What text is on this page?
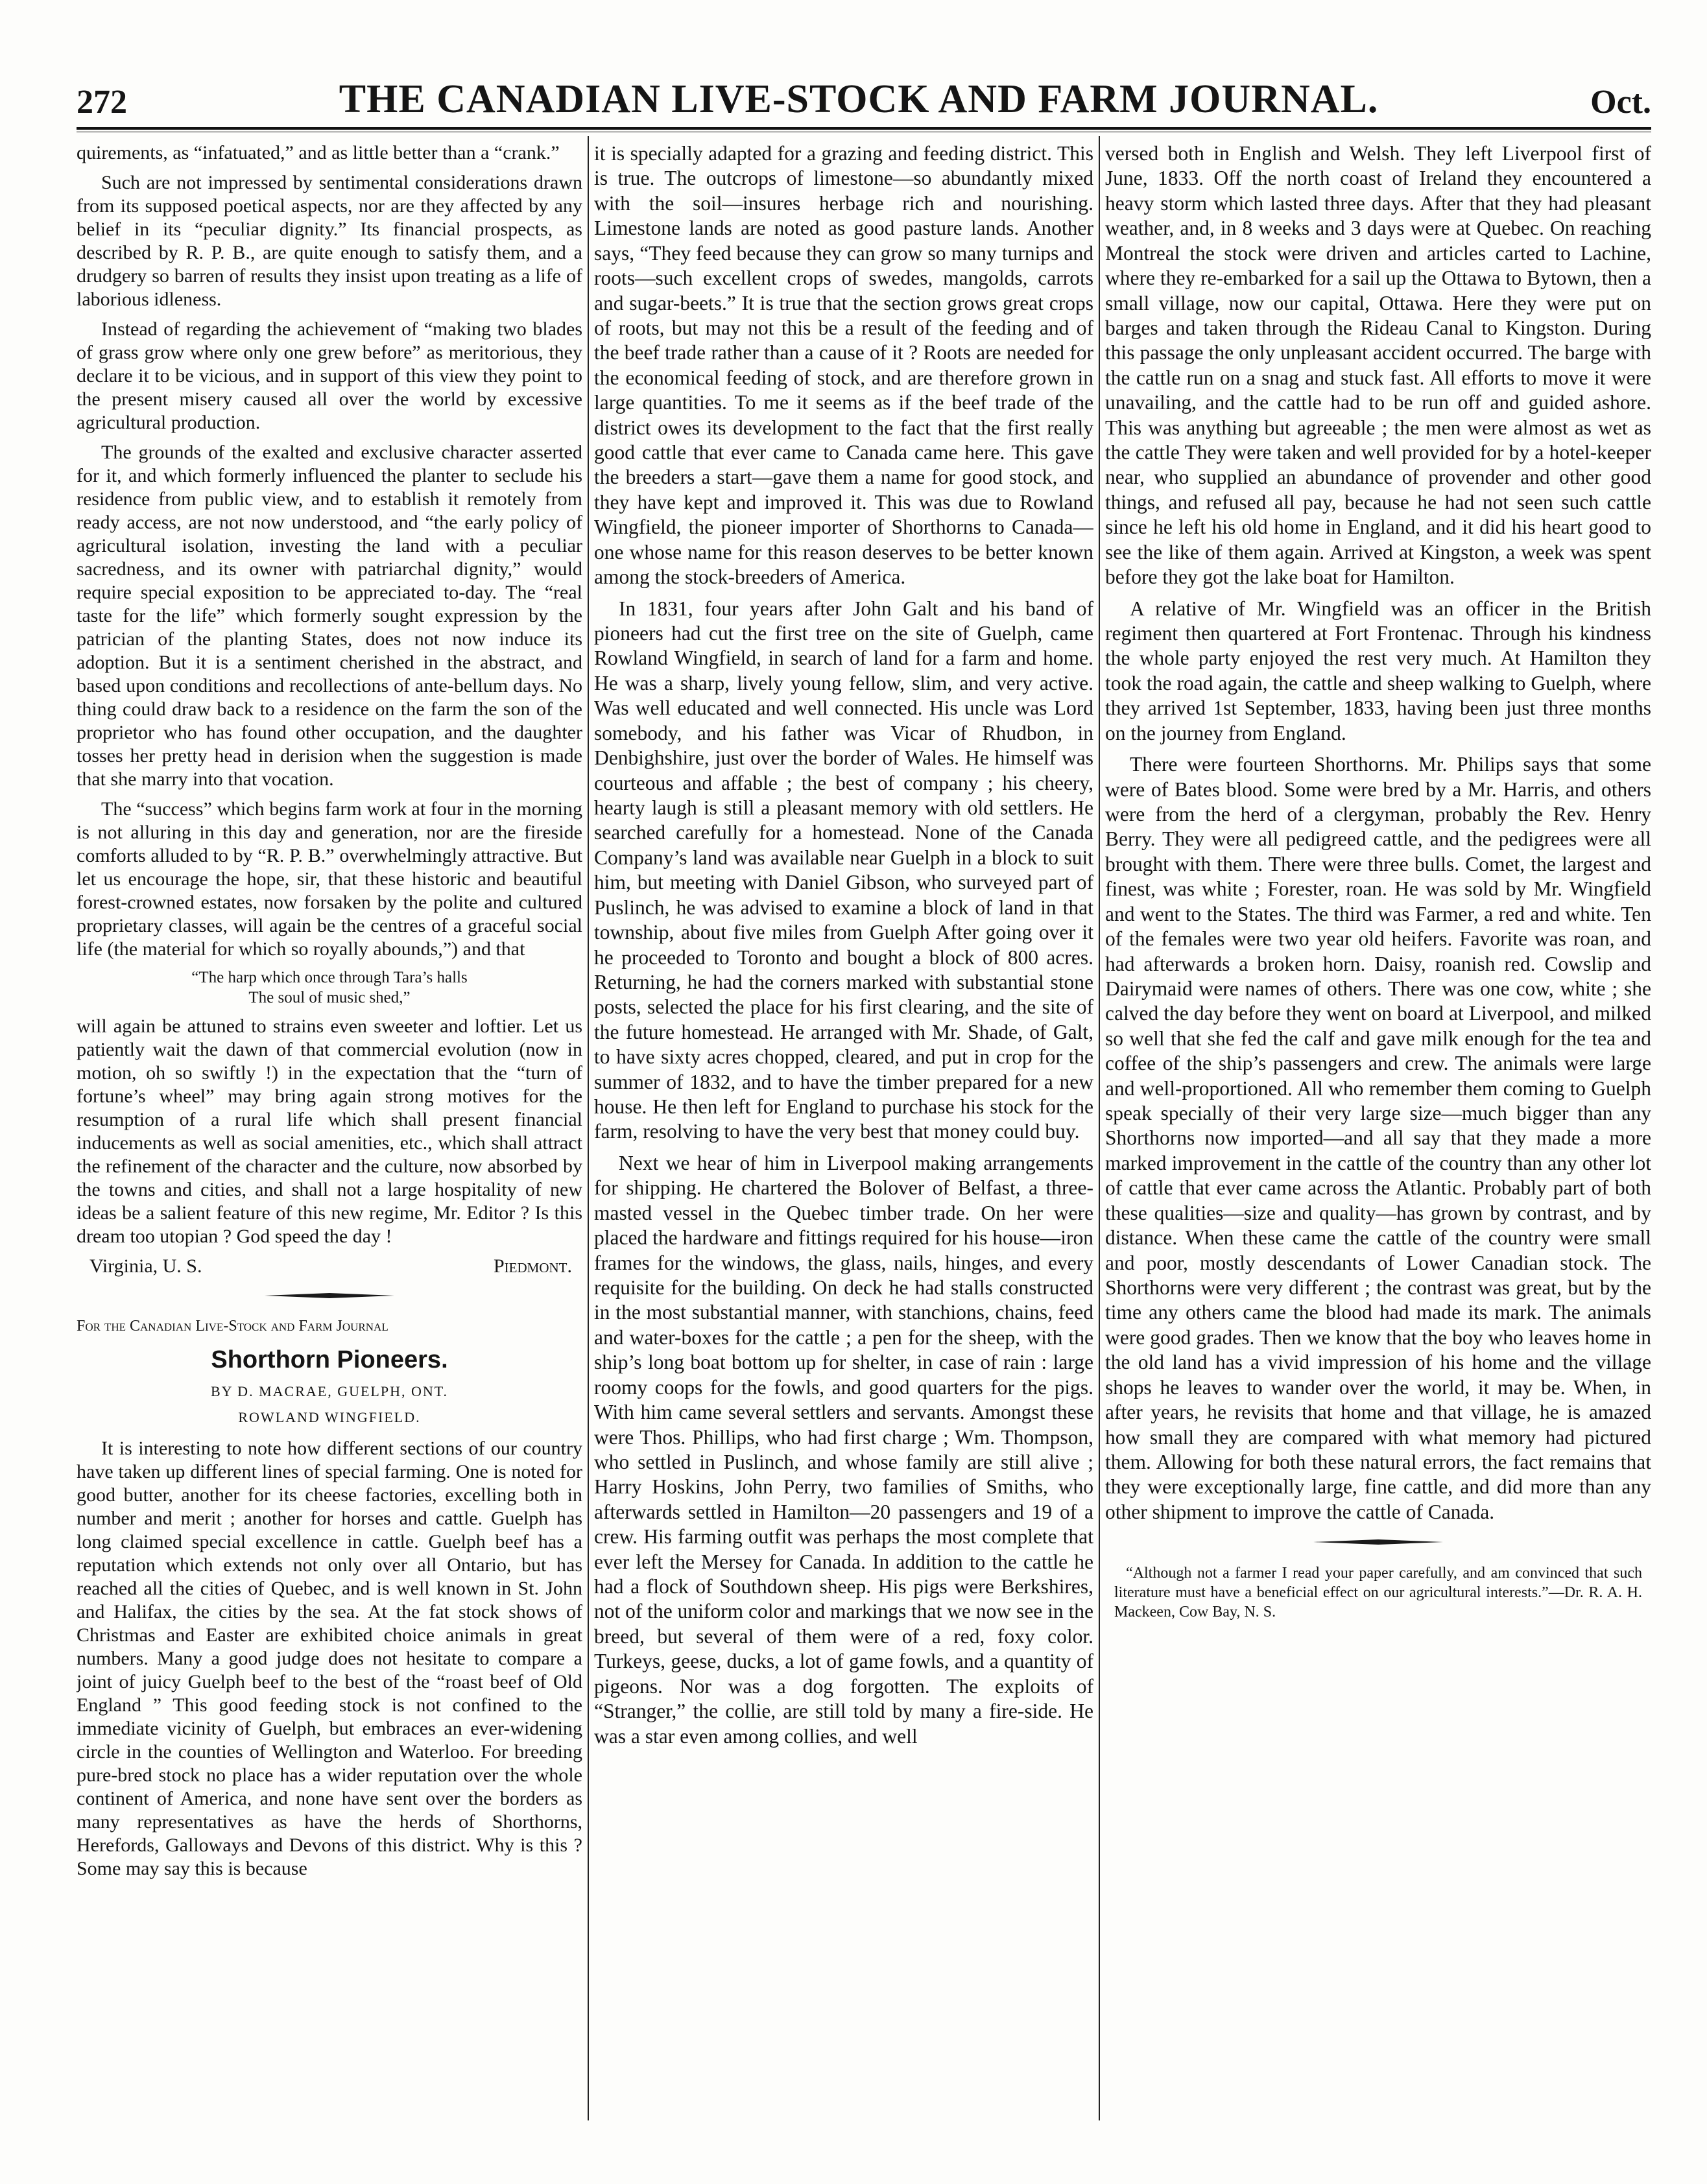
272	THE CANADIAN LIVE-STOCK AND FARM JOURNAL.	Oct.

quirements, as “infatuated,” and as little better than a “crank.”

Such are not impressed by sentimental considerations drawn from its supposed poetical aspects, nor are they affected by any belief in its “peculiar dignity.” Its financial prospects, as described by R. P. B., are quite enough to satisfy them, and a drudgery so barren of results they insist upon treating as a life of laborious idleness.

Instead of regarding the achievement of “making two blades of grass grow where only one grew before” as meritorious, they declare it to be vicious, and in support of this view they point to the present misery caused all over the world by excessive agricultural production.

The grounds of the exalted and exclusive character asserted for it, and which formerly influenced the planter to seclude his residence from public view, and to establish it remotely from ready access, are not now understood, and “the early policy of agricultural isolation, investing the land with a peculiar sacredness, and its owner with patriarchal dignity,” would require special exposition to be appreciated to-day. The “real taste for the life” which formerly sought expression by the patrician of the planting States, does not now induce its adoption. But it is a sentiment cherished in the abstract, and based upon conditions and recollections of ante-bellum days. No thing could draw back to a residence on the farm the son of the proprietor who has found other occupation, and the daughter tosses her pretty head in derision when the suggestion is made that she marry into that vocation.

The “success” which begins farm work at four in the morning is not alluring in this day and generation, nor are the fireside comforts alluded to by “R. P. B.” overwhelmingly attractive. But let us encourage the hope, sir, that these historic and beautiful forest-crowned estates, now forsaken by the polite and cultured proprietary classes, will again be the centres of a graceful social life (the material for which so royally abounds,”) and that

“The harp which once through Tara’s halls
The soul of music shed,”

will again be attuned to strains even sweeter and loftier. Let us patiently wait the dawn of that commercial evolution (now in motion, oh so swiftly !) in the expectation that the “turn of fortune’s wheel” may bring again strong motives for the resumption of a rural life which shall present financial inducements as well as social amenities, etc., which shall attract the refinement of the character and the culture, now absorbed by the towns and cities, and shall not a large hospitality of new ideas be a salient feature of this new regime, Mr. Editor ? Is this dream too utopian ? God speed the day !

Virginia, U. S.	Piedmont.
For the Canadian Live-Stock and Farm Journal
Shorthorn Pioneers.
BY D. MACRAE, GUELPH, ONT.
ROWLAND WINGFIELD.

It is interesting to note how different sections of our country have taken up different lines of special farming. One is noted for good butter, another for its cheese factories, excelling both in number and merit ; another for horses and cattle. Guelph has long claimed special excellence in cattle. Guelph beef has a reputation which extends not only over all Ontario, but has reached all the cities of Quebec, and is well known in St. John and Halifax, the cities by the sea. At the fat stock shows of Christmas and Easter are exhibited choice animals in great numbers. Many a good judge does not hesitate to compare a joint of juicy Guelph beef to the best of the “roast beef of Old England ” This good feeding stock is not confined to the immediate vicinity of Guelph, but embraces an ever-widening circle in the counties of Wellington and Waterloo. For breeding pure-bred stock no place has a wider reputation over the whole continent of America, and none have sent over the borders as many representatives as have the herds of Shorthorns, Herefords, Galloways and Devons of this district. Why is this ? Some may say this is because

it is specially adapted for a grazing and feeding district. This is true. The outcrops of limestone—so abundantly mixed with the soil—insures herbage rich and nourishing. Limestone lands are noted as good pasture lands. Another says, “They feed because they can grow so many turnips and roots—such excellent crops of swedes, mangolds, carrots and sugar-beets.” It is true that the section grows great crops of roots, but may not this be a result of the feeding and of the beef trade rather than a cause of it ? Roots are needed for the economical feeding of stock, and are therefore grown in large quantities. To me it seems as if the beef trade of the district owes its development to the fact that the first really good cattle that ever came to Canada came here. This gave the breeders a start—gave them a name for good stock, and they have kept and improved it. This was due to Rowland Wingfield, the pioneer importer of Shorthorns to Canada—one whose name for this reason deserves to be better known among the stock-breeders of America.

In 1831, four years after John Galt and his band of pioneers had cut the first tree on the site of Guelph, came Rowland Wingfield, in search of land for a farm and home. He was a sharp, lively young fellow, slim, and very active. Was well educated and well connected. His uncle was Lord somebody, and his father was Vicar of Rhudbon, in Denbighshire, just over the border of Wales. He himself was courteous and affable ; the best of company ; his cheery, hearty laugh is still a pleasant memory with old settlers. He searched carefully for a homestead. None of the Canada Company’s land was available near Guelph in a block to suit him, but meeting with Daniel Gibson, who surveyed part of Puslinch, he was advised to examine a block of land in that township, about five miles from Guelph After going over it he proceeded to Toronto and bought a block of 800 acres. Returning, he had the corners marked with substantial stone posts, selected the place for his first clearing, and the site of the future homestead. He arranged with Mr. Shade, of Galt, to have sixty acres chopped, cleared, and put in crop for the summer of 1832, and to have the timber prepared for a new house. He then left for England to purchase his stock for the farm, resolving to have the very best that money could buy.

Next we hear of him in Liverpool making arrangements for shipping. He chartered the Bolover of Belfast, a three-masted vessel in the Quebec timber trade. On her were placed the hardware and fittings required for his house—iron frames for the windows, the glass, nails, hinges, and every requisite for the building. On deck he had stalls constructed in the most substantial manner, with stanchions, chains, feed and water-boxes for the cattle ; a pen for the sheep, with the ship’s long boat bottom up for shelter, in case of rain : large roomy coops for the fowls, and good quarters for the pigs. With him came several settlers and servants. Amongst these were Thos. Phillips, who had first charge ; Wm. Thompson, who settled in Puslinch, and whose family are still alive ; Harry Hoskins, John Perry, two families of Smiths, who afterwards settled in Hamilton—20 passengers and 19 of a crew. His farming outfit was perhaps the most complete that ever left the Mersey for Canada. In addition to the cattle he had a flock of Southdown sheep. His pigs were Berkshires, not of the uniform color and markings that we now see in the breed, but several of them were of a red, foxy color. Turkeys, geese, ducks, a lot of game fowls, and a quantity of pigeons. Nor was a dog forgotten. The exploits of “Stranger,” the collie, are still told by many a fire-side. He was a star even among collies, and well

versed both in English and Welsh. They left Liverpool first of June, 1833. Off the north coast of Ireland they encountered a heavy storm which lasted three days. After that they had pleasant weather, and, in 8 weeks and 3 days were at Quebec. On reaching Montreal the stock were driven and articles carted to Lachine, where they re-embarked for a sail up the Ottawa to Bytown, then a small village, now our capital, Ottawa. Here they were put on barges and taken through the Rideau Canal to Kingston. During this passage the only unpleasant accident occurred. The barge with the cattle run on a snag and stuck fast. All efforts to move it were unavailing, and the cattle had to be run off and guided ashore. This was anything but agreeable ; the men were almost as wet as the cattle They were taken and well provided for by a hotel-keeper near, who supplied an abundance of provender and other good things, and refused all pay, because he had not seen such cattle since he left his old home in England, and it did his heart good to see the like of them again. Arrived at Kingston, a week was spent before they got the lake boat for Hamilton.

A relative of Mr. Wingfield was an officer in the British regiment then quartered at Fort Frontenac. Through his kindness the whole party enjoyed the rest very much. At Hamilton they took the road again, the cattle and sheep walking to Guelph, where they arrived 1st September, 1833, having been just three months on the journey from England.

There were fourteen Shorthorns. Mr. Philips says that some were of Bates blood. Some were bred by a Mr. Harris, and others were from the herd of a clergyman, probably the Rev. Henry Berry. They were all pedigreed cattle, and the pedigrees were all brought with them. There were three bulls. Comet, the largest and finest, was white ; Forester, roan. He was sold by Mr. Wingfield and went to the States. The third was Farmer, a red and white. Ten of the females were two year old heifers. Favorite was roan, and had afterwards a broken horn. Daisy, roanish red. Cowslip and Dairymaid were names of others. There was one cow, white ; she calved the day before they went on board at Liverpool, and milked so well that she fed the calf and gave milk enough for the tea and coffee of the ship’s passengers and crew. The animals were large and well-proportioned. All who remember them coming to Guelph speak specially of their very large size—much bigger than any Shorthorns now imported—and all say that they made a more marked improvement in the cattle of the country than any other lot of cattle that ever came across the Atlantic. Probably part of both these qualities—size and quality—has grown by contrast, and by distance. When these came the cattle of the country were small and poor, mostly descendants of Lower Canadian stock. The Shorthorns were very different ; the contrast was great, but by the time any others came the blood had made its mark. The animals were good grades. Then we know that the boy who leaves home in the old land has a vivid impression of his home and the village shops he leaves to wander over the world, it may be. When, in after years, he revisits that home and that village, he is amazed how small they are compared with what memory had pictured them. Allowing for both these natural errors, the fact remains that they were exceptionally large, fine cattle, and did more than any other shipment to improve the cattle of Canada.

“Although not a farmer I read your paper carefully, and am convinced that such literature must have a beneficial effect on our agricultural interests.”—Dr. R. A. H. Mackeen, Cow Bay, N. S.
